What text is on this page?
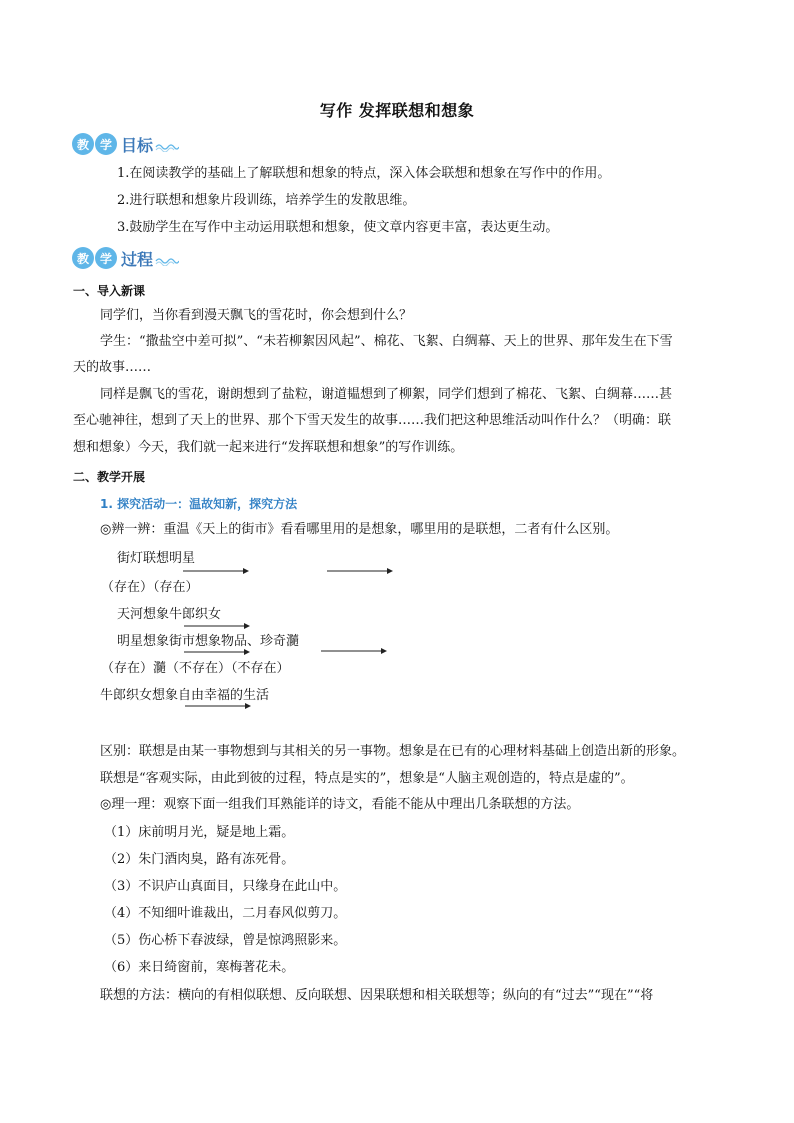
写作 发挥联想和想象
教 学 目标
1.在阅读教学的基础上了解联想和想象的特点，深入体会联想和想象在写作中的作用。
2.进行联想和想象片段训练，培养学生的发散思维。
3.鼓励学生在写作中主动运用联想和想象，使文章内容更丰富，表达更生动。
教 学 过程
一、导入新课
同学们，当你看到漫天飘飞的雪花时，你会想到什么？
学生：“撒盐空中差可拟”、“未若柳絮因风起”、棉花、飞絮、白绸幕、天上的世界、那年发生在下雪
天的故事……
同样是飘飞的雪花，谢朗想到了盐粒，谢道韫想到了柳絮，同学们想到了棉花、飞絮、白绸幕……甚
至心驰神往，想到了天上的世界、那个下雪天发生的故事……我们把这种思维活动叫作什么？（明确：联
想和想象）今天，我们就一起来进行“发挥联想和想象”的写作训练。
二、教学开展
1. 探究活动一：温故知新，探究方法
◎辨一辨：重温《天上的街市》看看哪里用的是想象，哪里用的是联想，二者有什么区别。
街灯联想明星
（存在）（存在）
天河想象牛郎织女
明星想象街市想象物品、珍奇瀡
（存在）瀡（不存在）（不存在）
牛郎织女想象自由幸福的生活
区别：联想是由某一事物想到与其相关的另一事物。想象是在已有的心理材料基础上创造出新的形象。
联想是“客观实际，由此到彼的过程，特点是实的”，想象是“人脑主观创造的，特点是虚的”。
◎理一理：观察下面一组我们耳熟能详的诗文，看能不能从中理出几条联想的方法。
（1）床前明月光，疑是地上霜。
（2）朱门酒肉臭，路有冻死骨。
（3）不识庐山真面目，只缘身在此山中。
（4）不知细叶谁裁出，二月春风似剪刀。
（5）伤心桥下春波绿，曾是惊鸿照影来。
（6）来日绮窗前，寒梅著花未。
联想的方法：横向的有相似联想、反向联想、因果联想和相关联想等；纵向的有“过去”“现在”“将
